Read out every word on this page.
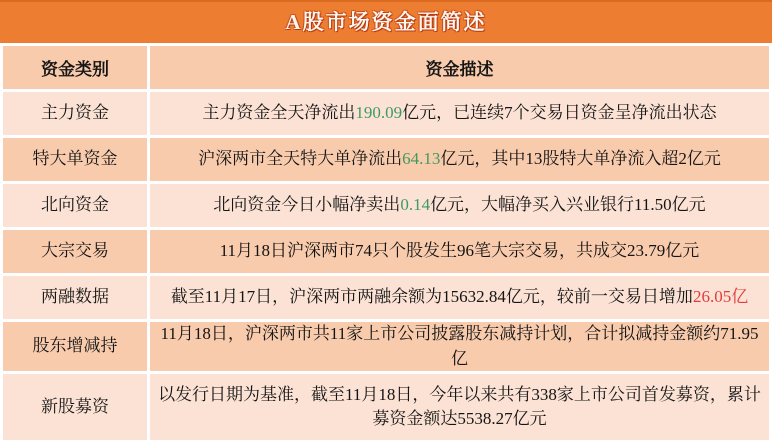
A股市场资金面简述
资金类别	资金描述
主力资金	主力资金全天净流出190.09亿元，已连续7个交易日资金呈净流出状态
特大单资金	沪深两市全天特大单净流出64.13亿元，其中13股特大单净流入超2亿元
北向资金	北向资金今日小幅净卖出0.14亿元，大幅净买入兴业银行11.50亿元
大宗交易	11月18日沪深两市74只个股发生96笔大宗交易，共成交23.79亿元
两融数据	截至11月17日，沪深两市两融余额为15632.84亿元，较前一交易日增加26.05亿
股东增减持	11月18日，沪深两市共11家上市公司披露股东减持计划，合计拟减持金额约71.95亿
新股募资	以发行日期为基准，截至11月18日，今年以来共有338家上市公司首发募资，累计募资金额达5538.27亿元
